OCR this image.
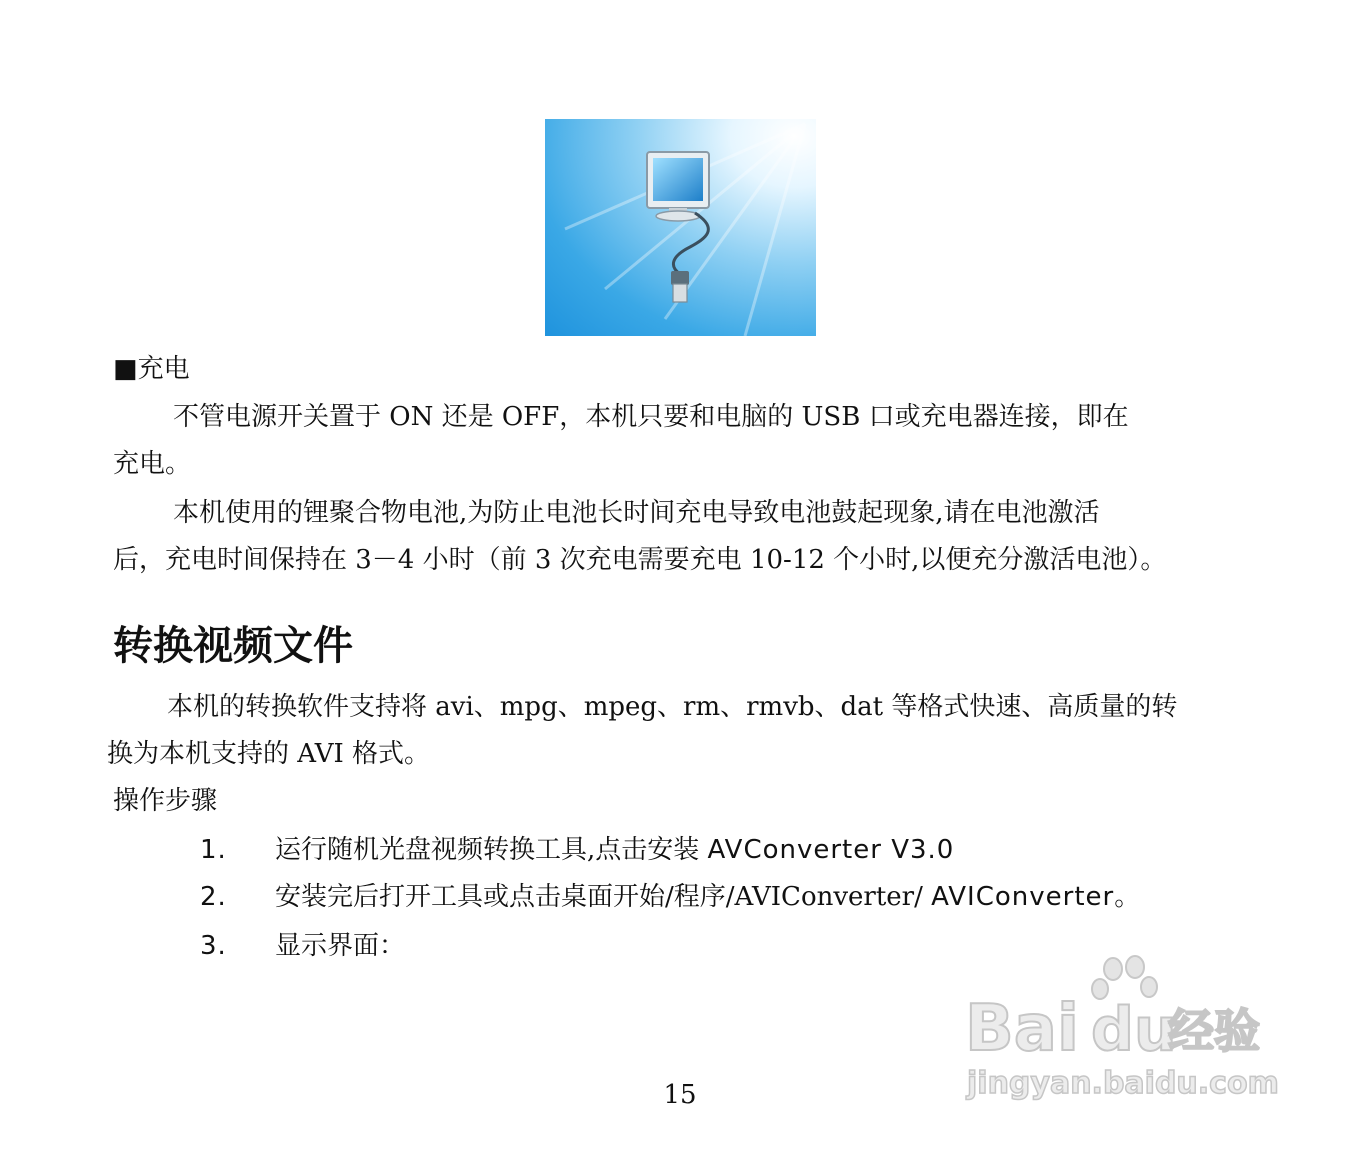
■充电
不管电源开关置于 ON 还是 OFF，本机只要和电脑的 USB 口或充电器连接，即在
充电。
本机使用的锂聚合物电池,为防止电池长时间充电导致电池鼓起现象,请在电池激活
后，充电时间保持在 3－4 小时（前 3 次充电需要充电 10-12 个小时,以便充分激活电池）。
转换视频文件
本机的转换软件支持将 avi、mpg、mpeg、rm、rmvb、dat 等格式快速、高质量的转
换为本机支持的 AVI 格式。
操作步骤
1. 运行随机光盘视频转换工具,点击安装 AVConverter V3.0
2. 安装完后打开工具或点击桌面开始/程序/AVIConverter/ AVIConverter。
3. 显示界面：
Bai du
经验
jingyan.baidu.com
15
